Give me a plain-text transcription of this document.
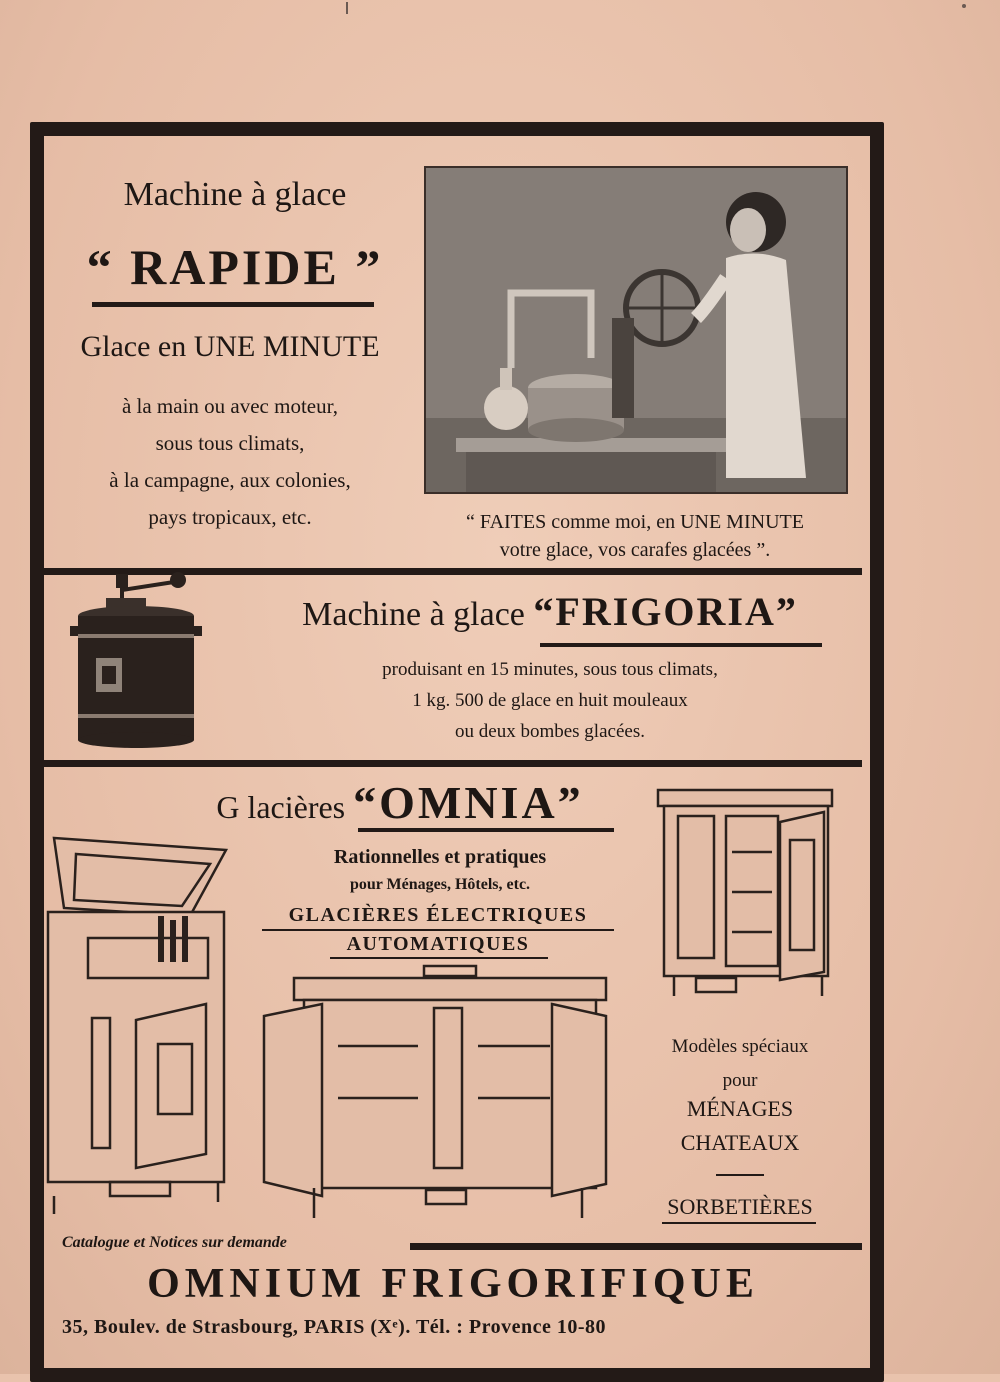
Machine à glace
“ RAPIDE ”
Glace en UNE MINUTE
à la main ou avec moteur,
sous tous climats,
à la campagne, aux colonies,
pays tropicaux, etc.	“ FAITES comme moi, en UNE MINUTE
votre glace, vos carafes glacées ”.
Machine à glace “FRIGORIA”
produisant en 15 minutes, sous tous climats,
1 kg. 500 de glace en huit mouleaux
ou deux bombes glacées.
G lacières “OMNIA”
Rationnelles et pratiques
pour Ménages, Hôtels, etc.
GLACIÈRES ÉLECTRIQUES
AUTOMATIQUES
Modèles spéciaux
pour
MÉNAGES
CHATEAUX
SORBETIÈRES
Catalogue et Notices sur demande
OMNIUM FRIGORIFIQUE
35, Boulev. de Strasbourg, PARIS (Xᵉ). Tél. : Provence 10-80
